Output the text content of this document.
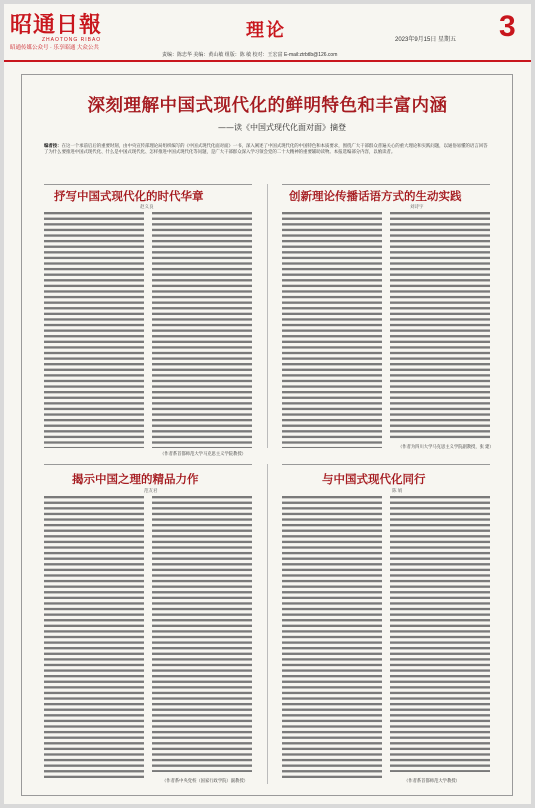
昭通日報
ZHAOTONG RIBAO
昭通传媒公众号 · 乐享昭通 大众公共
理论	2023年9月15日 星期五 3
责编：陈忠华 美编：黄山敏 组版：陈 敏 校对：王宏富 E-mail:ztrbtlb@126.com
深刻理解中国式现代化的鲜明特色和丰富内涵
——读《中国式现代化面对面》摘登
编者按：在这一个承前启后的重要时刻，由中央宣传部理论局组织编写的《中国式现代化面对面》一书，深入阐述了中国式现代化的中国特色和本质要求，围绕广大干部群众普遍关心的重大理论和实践问题，以通俗易懂的语言回答了为什么要推进中国式现代化、什么是中国式现代化、怎样推进中国式现代化等问题，是广大干部群众深入学习领会党的二十大精神的重要辅助读物。本报选编部分内容，以飨读者。
抒写中国式现代化的时代华章
赵义良
创新理论传播话语方式的生动实践
刘诗宇
（作者为四川大学马克思主义学院副教授，张 建）
（作者系首都师范大学马克思主义学院教授）
揭示中国之理的精品力作
范友君
（作者系中央党校（国家行政学院）副教授）
与中国式现代化同行
陈 娟
（作者系首都师范大学教授）
